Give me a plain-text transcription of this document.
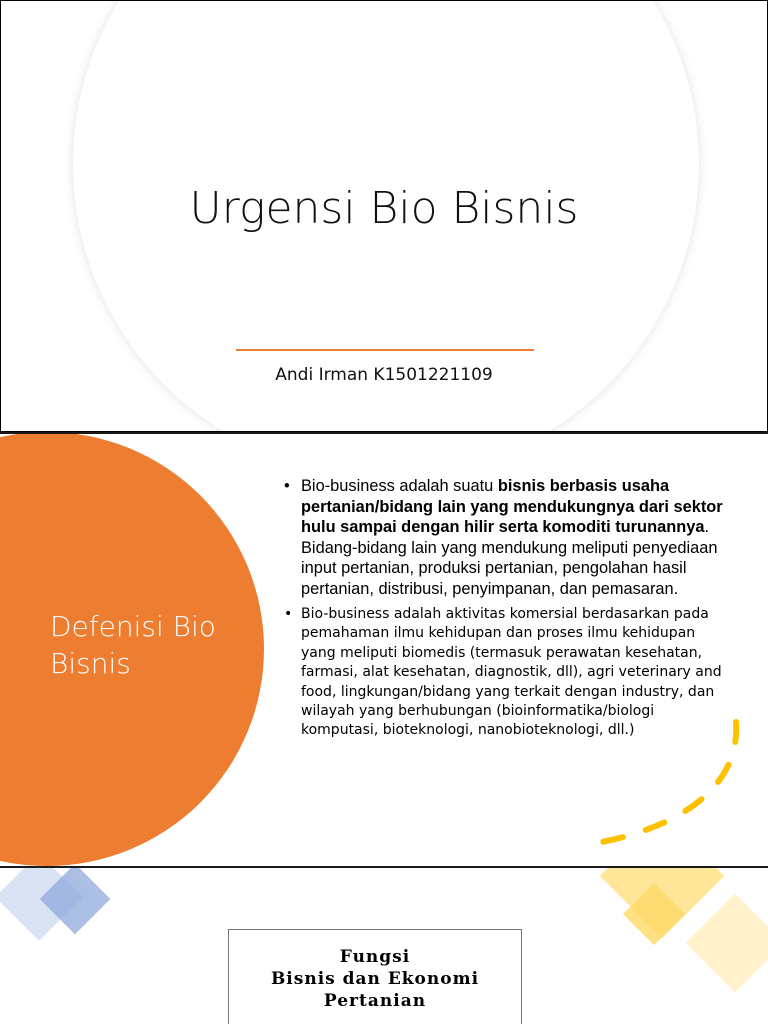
Urgensi Bio Bisnis
Andi Irman K1501221109
Defenisi Bio Bisnis
• Bio-business adalah suatu bisnis berbasis usaha pertanian/bidang lain yang mendukungnya dari sektor hulu sampai dengan hilir serta komoditi turunannya. Bidang-bidang lain yang mendukung meliputi penyediaan input pertanian, produksi pertanian, pengolahan hasil pertanian, distribusi, penyimpanan, dan pemasaran.
• Bio-business adalah aktivitas komersial berdasarkan pada pemahaman ilmu kehidupan dan proses ilmu kehidupan yang meliputi biomedis (termasuk perawatan kesehatan, farmasi, alat kesehatan, diagnostik, dll), agri veterinary and food, lingkungan/bidang yang terkait dengan industry, dan wilayah yang berhubungan (bioinformatika/biologi komputasi, bioteknologi, nanobioteknologi, dll.)
Fungsi
Bisnis dan Ekonomi
Pertanian
